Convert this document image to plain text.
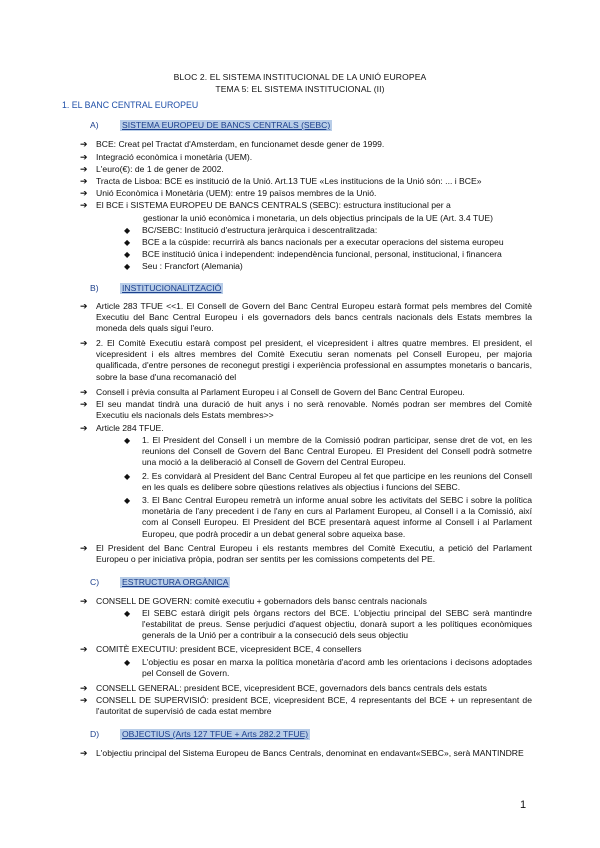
BLOC 2. EL SISTEMA INSTITUCIONAL DE LA UNIÓ EUROPEA
TEMA 5: EL SISTEMA INSTITUCIONAL (II)
1. EL BANC CENTRAL EUROPEU
A)	SISTEMA EUROPEU DE BANCS CENTRALS (SEBC)
➔ BCE: Creat pel Tractat d'Amsterdam, en funcionamet desde gener de 1999.
➔ Integració econòmica i monetària (UEM).
➔ L'euro(€): de 1 de gener de 2002.
➔ Tracta de Lisboa: BCE es institució de la Unió. Art.13 TUE «Les institucions de la Unió són: ... i BCE»
➔ Unió Econòmica i Monetària (UEM): entre 19 països membres de la Unió.
➔ El BCE i SISTEMA EUROPEU DE BANCS CENTRALS (SEBC): estructura institucional per a
gestionar la unió econòmica i monetaria, un dels objectius principals de la UE (Art. 3.4 TUE)
◆	BC/SEBC: Institució d'estructura jeràrquica i descentralitzada:
◆	BCE a la cúspide: recurrirà als bancs nacionals per a executar operacions del sistema europeu
◆	BCE institució única i independent: independència funcional, personal, institucional, i financera
◆	Seu : Francfort (Alemania)
B)	INSTITUCIONALITZACIÓ
➔ Article 283 TFUE <<1. El Consell de Govern del Banc Central Europeu estarà format pels membres del Comitè Executiu del Banc Central Europeu i els governadors dels bancs centrals nacionals dels Estats membres la moneda dels quals sigui l'euro.
➔ 2. El Comitè Executiu estarà compost pel president, el vicepresident i altres quatre membres. El president, el vicepresident i els altres membres del Comitè Executiu seran nomenats pel Consell Europeu, per majoria qualificada, d'entre persones de reconegut prestigi i experiència professional en assumptes monetaris o bancaris, sobre la base d'una recomanació del
➔ Consell i prèvia consulta al Parlament Europeu i al Consell de Govern del Banc Central Europeu.
➔ El seu mandat tindrà una duració de huit anys i no serà renovable. Només podran ser membres del Comitè Executiu els nacionals dels Estats membres>>
➔ Article 284 TFUE.
◆	1. El President del Consell i un membre de la Comissió podran participar, sense dret de vot, en les reunions del Consell de Govern del Banc Central Europeu. El President del Consell podrà sotmetre una moció a la deliberació al Consell de Govern del Central Europeu.
◆	2. Es convidarà al President del Banc Central Europeu al fet que participe en les reunions del Consell en les quals es delibere sobre qüestions relatives als objectius i funcions del SEBC.
◆	3. El Banc Central Europeu remetrà un informe anual sobre les activitats del SEBC i sobre la política monetària de l'any precedent i de l'any en curs al Parlament Europeu, al Consell i a la Comissió, així com al Consell Europeu. El President del BCE presentarà aquest informe al Consell i al Parlament Europeu, que podrà procedir a un debat general sobre aqueixa base.
➔ El President del Banc Central Europeu i els restants membres del Comitè Executiu, a petició del Parlament Europeu o per iniciativa pròpia, podran ser sentits per les comissions competents del PE.
C)	ESTRUCTURA ORGÀNICA
➔ CONSELL DE GOVERN: comitè executiu + gobernadors dels bansc centrals nacionals
◆	El SEBC estarà dirigit pels òrgans rectors del BCE. L'objectiu principal del SEBC serà mantindre l'estabilitat de preus. Sense perjudici d'aquest objectiu, donarà suport a les polítiques econòmiques generals de la Unió per a contribuir a la consecució dels seus objectiu
➔ COMITÈ EXECUTIU: president BCE, vicepresident BCE, 4 consellers
◆	L'objectiu es posar en marxa la política monetària d'acord amb les orientacions i decisons adoptades pel Consell de Govern.
➔ CONSELL GENERAL: president BCE, vicepresident BCE, governadors dels bancs centrals dels estats
➔ CONSELL DE SUPERVISIÓ: president BCE, vicepresident BCE, 4 representants del BCE + un representant de l'autoritat de supervisió de cada estat membre
D)	OBJECTIUS (Arts 127 TFUE + Arts 282.2 TFUE)
➔ L'objectiu principal del Sistema Europeu de Bancs Centrals, denominat en endavant«SEBC», serà MANTINDRE
1
